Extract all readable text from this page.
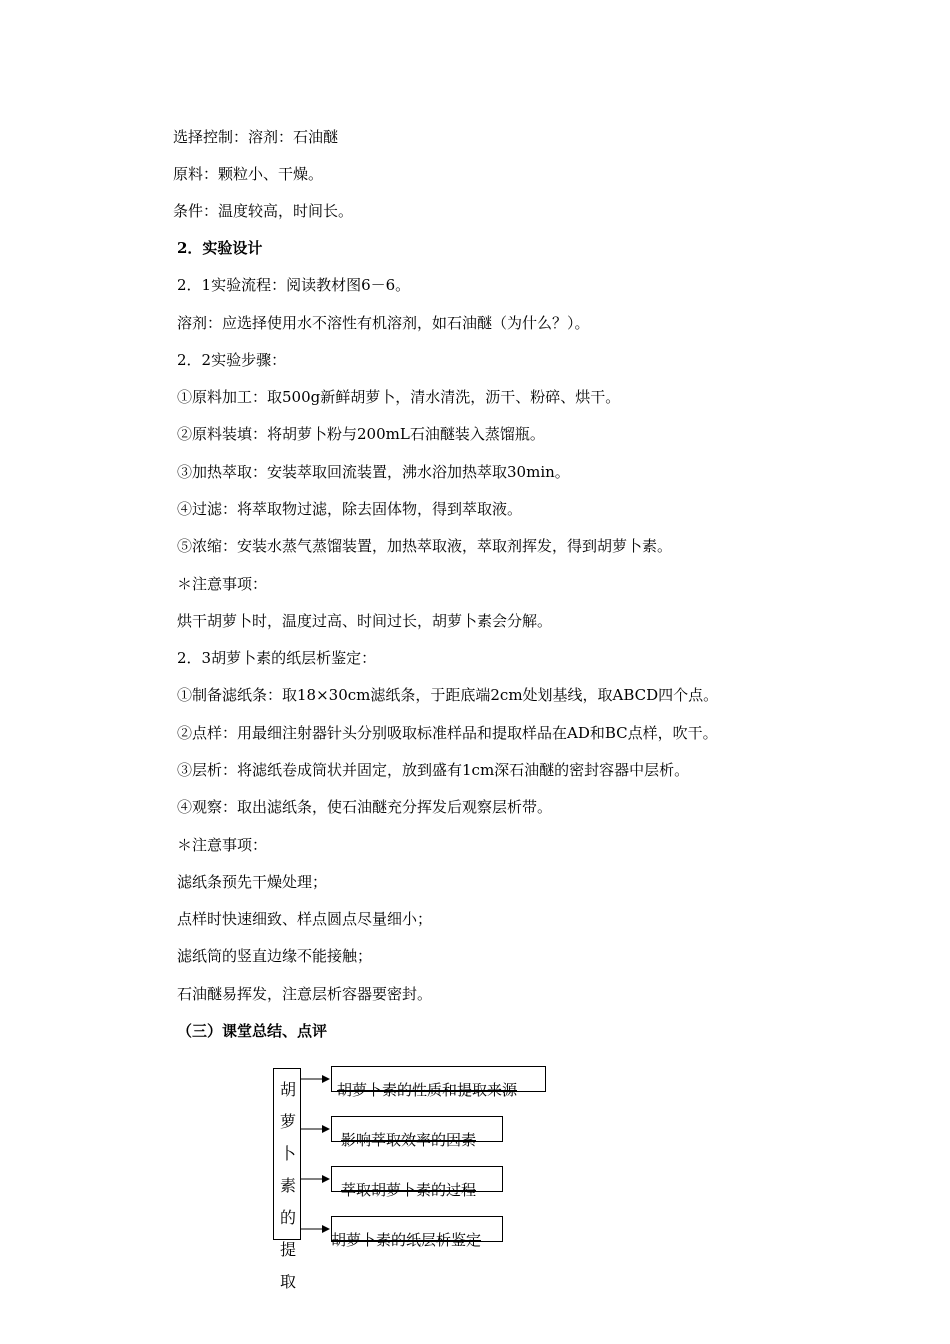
选择控制：溶剂：石油醚
原料：颗粒小、干燥。
条件：温度较高，时间长。
2．实验设计
2．1实验流程：阅读教材图6－6。
溶剂：应选择使用水不溶性有机溶剂，如石油醚（为什么？）。
2．2实验步骤：
①原料加工：取500g新鲜胡萝卜，清水清洗，沥干、粉碎、烘干。
②原料装填：将胡萝卜粉与200mL石油醚装入蒸馏瓶。
③加热萃取：安装萃取回流装置，沸水浴加热萃取30min。
④过滤：将萃取物过滤，除去固体物，得到萃取液。
⑤浓缩：安装水蒸气蒸馏装置，加热萃取液，萃取剂挥发，得到胡萝卜素。
＊注意事项：
烘干胡萝卜时，温度过高、时间过长，胡萝卜素会分解。
2．3胡萝卜素的纸层析鉴定：
①制备滤纸条：取18×30cm滤纸条，于距底端2cm处划基线，取ABCD四个点。
②点样：用最细注射器针头分别吸取标准样品和提取样品在AD和BC点样，吹干。
③层析：将滤纸卷成筒状并固定，放到盛有1cm深石油醚的密封容器中层析。
④观察：取出滤纸条，使石油醚充分挥发后观察层析带。
＊注意事项：
滤纸条预先干燥处理；
点样时快速细致、样点圆点尽量细小；
滤纸筒的竖直边缘不能接触；
石油醚易挥发，注意层析容器要密封。
（三）课堂总结、点评
胡
萝
卜
素
的
提
取
胡萝卜素的性质和提取来源
影响萃取效率的因素
萃取胡萝卜素的过程
胡萝卜素的纸层析鉴定
